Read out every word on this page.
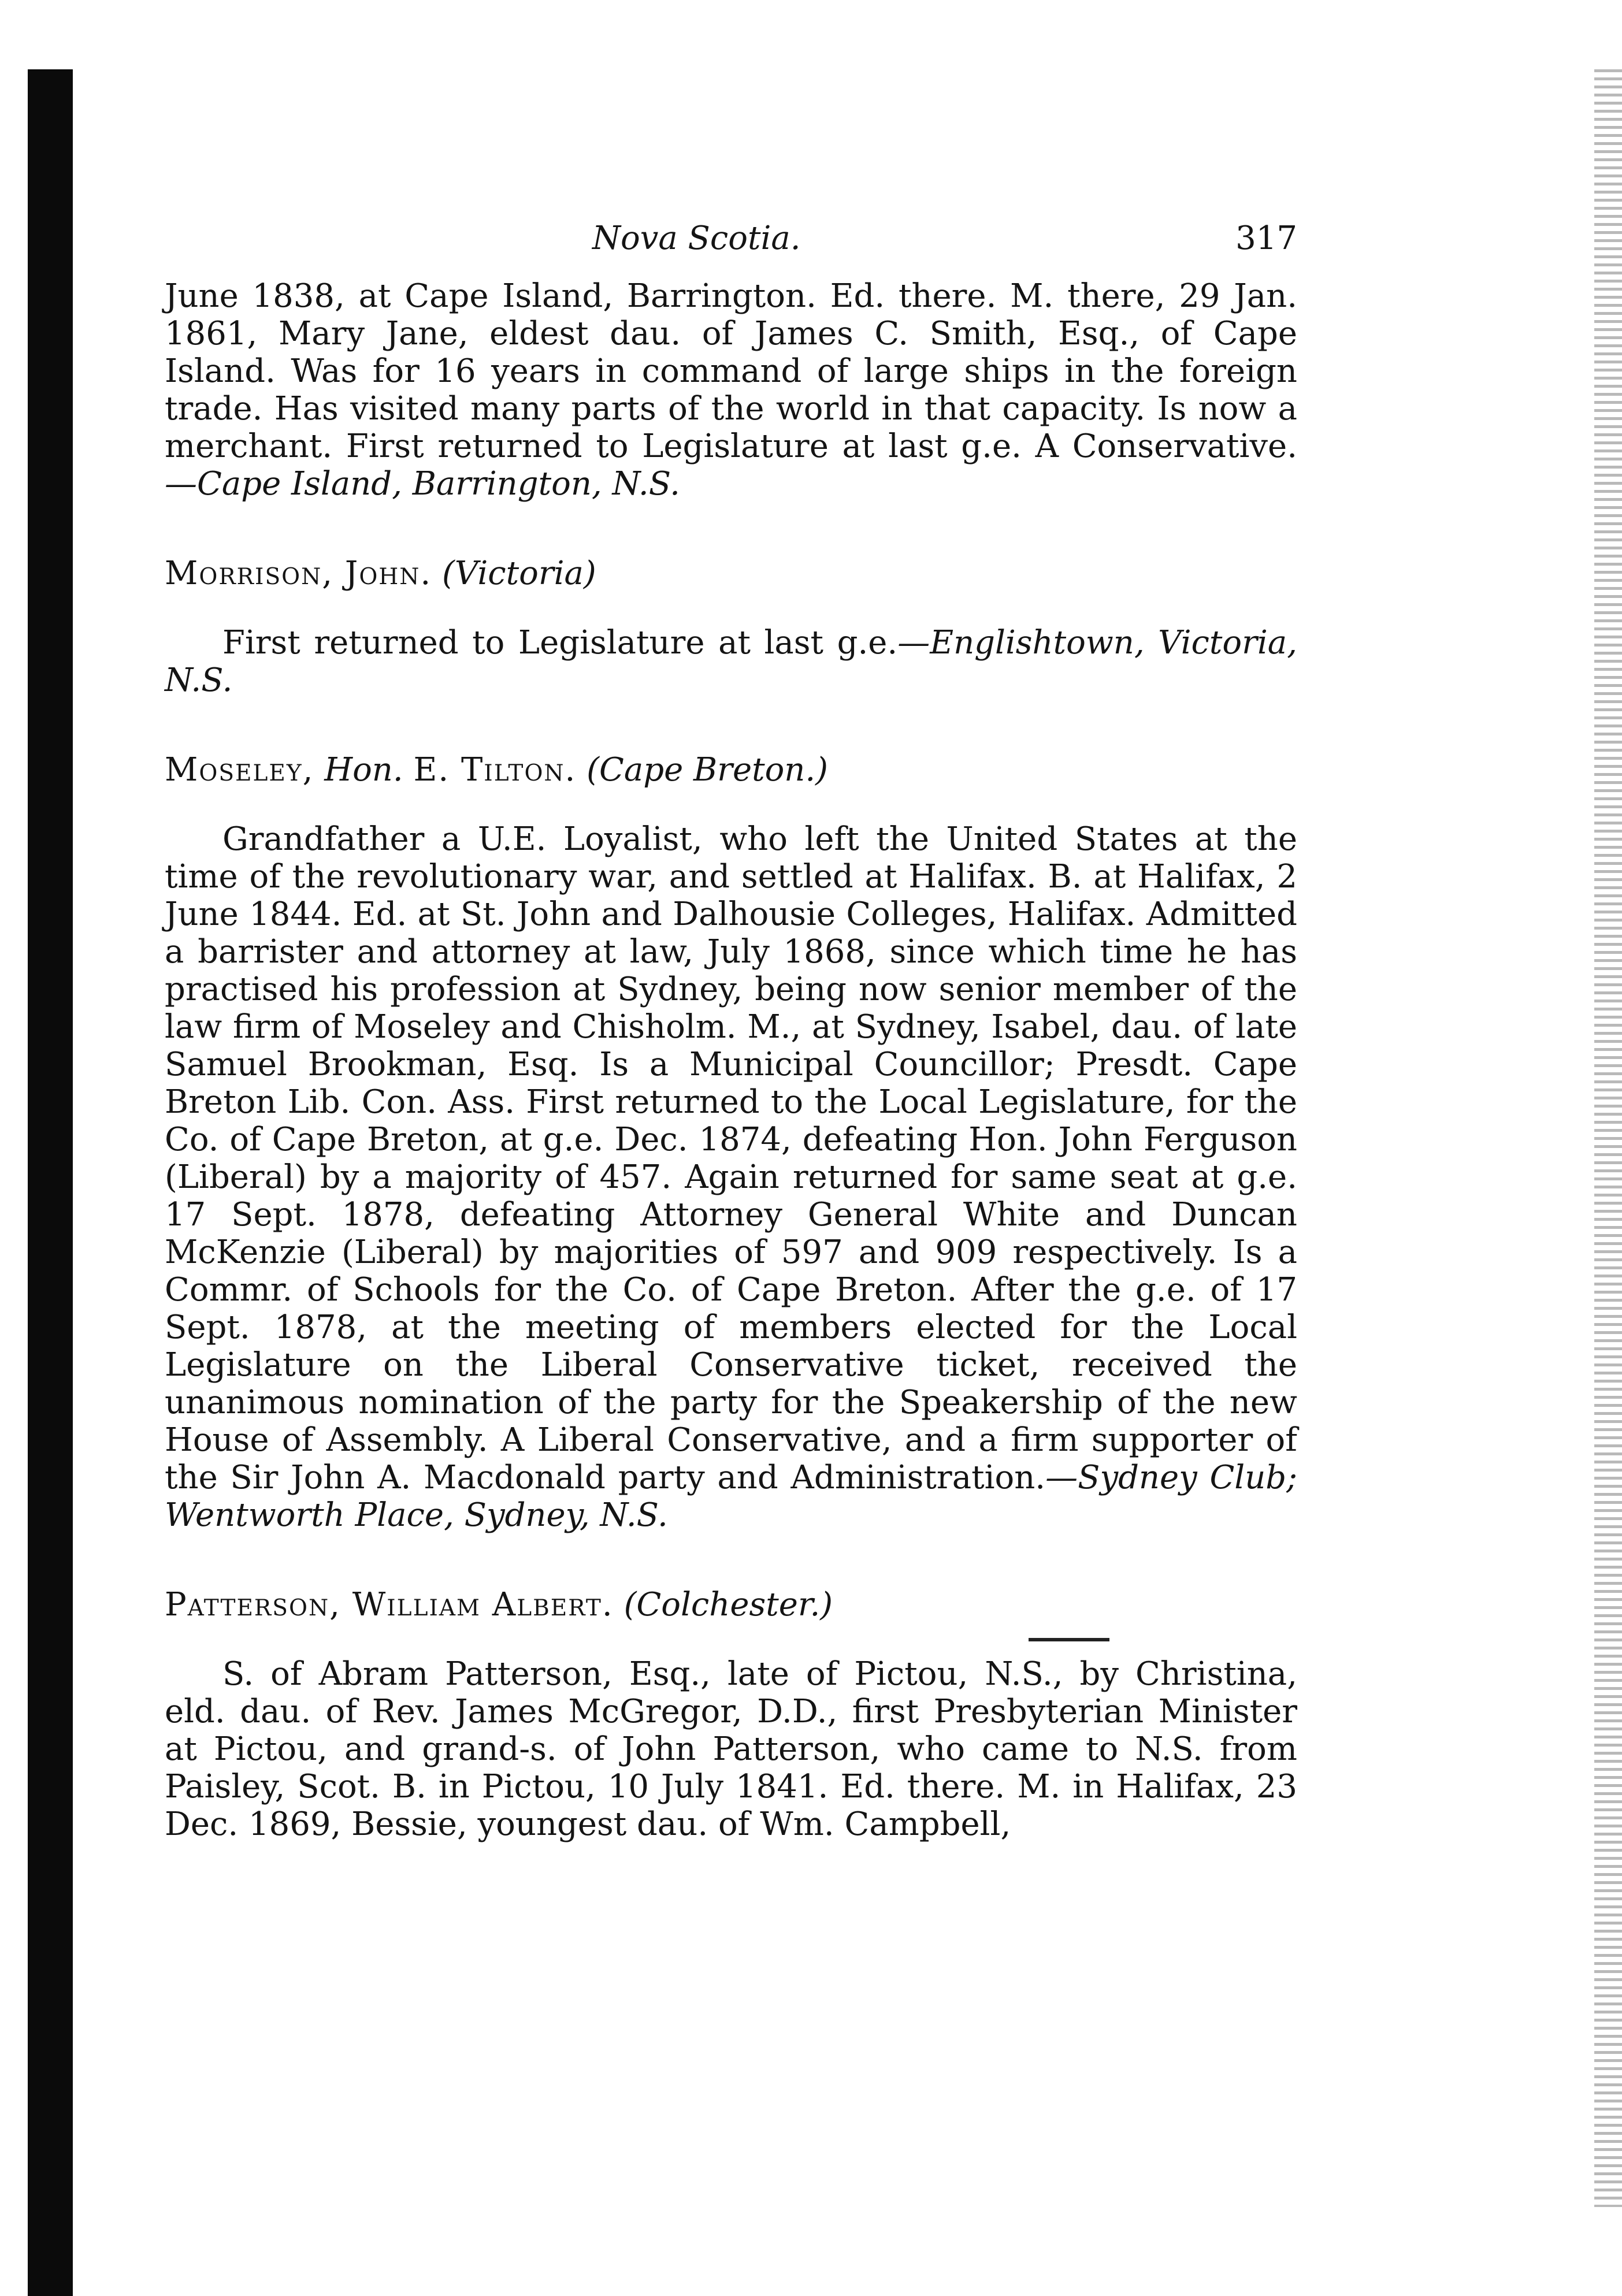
Nova Scotia.	317

June 1838, at Cape Island, Barrington. Ed. there. M. there, 29 Jan. 1861, Mary Jane, eldest dau. of James C. Smith, Esq., of Cape Island. Was for 16 years in command of large ships in the foreign trade. Has visited many parts of the world in that capacity. Is now a merchant. First returned to Legislature at last g.e. A Conservative.—Cape Island, Barrington, N.S.

Morrison, John. (Victoria)

First returned to Legislature at last g.e.—Englishtown, Victoria, N.S.

Moseley, Hon. E. Tilton. (Cape Breton.)

Grandfather a U.E. Loyalist, who left the United States at the time of the revolutionary war, and settled at Halifax. B. at Halifax, 2 June 1844. Ed. at St. John and Dalhousie Colleges, Halifax. Admitted a barrister and attorney at law, July 1868, since which time he has practised his profession at Sydney, being now senior member of the law firm of Moseley and Chisholm. M., at Sydney, Isabel, dau. of late Samuel Brookman, Esq. Is a Municipal Councillor; Presdt. Cape Breton Lib. Con. Ass. First returned to the Local Legislature, for the Co. of Cape Breton, at g.e. Dec. 1874, defeating Hon. John Ferguson (Liberal) by a majority of 457. Again returned for same seat at g.e. 17 Sept. 1878, defeating Attorney General White and Duncan McKenzie (Liberal) by majorities of 597 and 909 respectively. Is a Commr. of Schools for the Co. of Cape Breton. After the g.e. of 17 Sept. 1878, at the meeting of members elected for the Local Legislature on the Liberal Conservative ticket, received the unanimous nomination of the party for the Speakership of the new House of Assembly. A Liberal Conservative, and a firm supporter of the Sir John A. Macdonald party and Administration.—Sydney Club; Wentworth Place, Sydney, N.S.

Patterson, William Albert. (Colchester.)

S. of Abram Patterson, Esq., late of Pictou, N.S., by Christina, eld. dau. of Rev. James McGregor, D.D., first Presbyterian Minister at Pictou, and grand-s. of John Patterson, who came to N.S. from Paisley, Scot. B. in Pictou, 10 July 1841. Ed. there. M. in Halifax, 23 Dec. 1869, Bessie, youngest dau. of Wm. Campbell,
